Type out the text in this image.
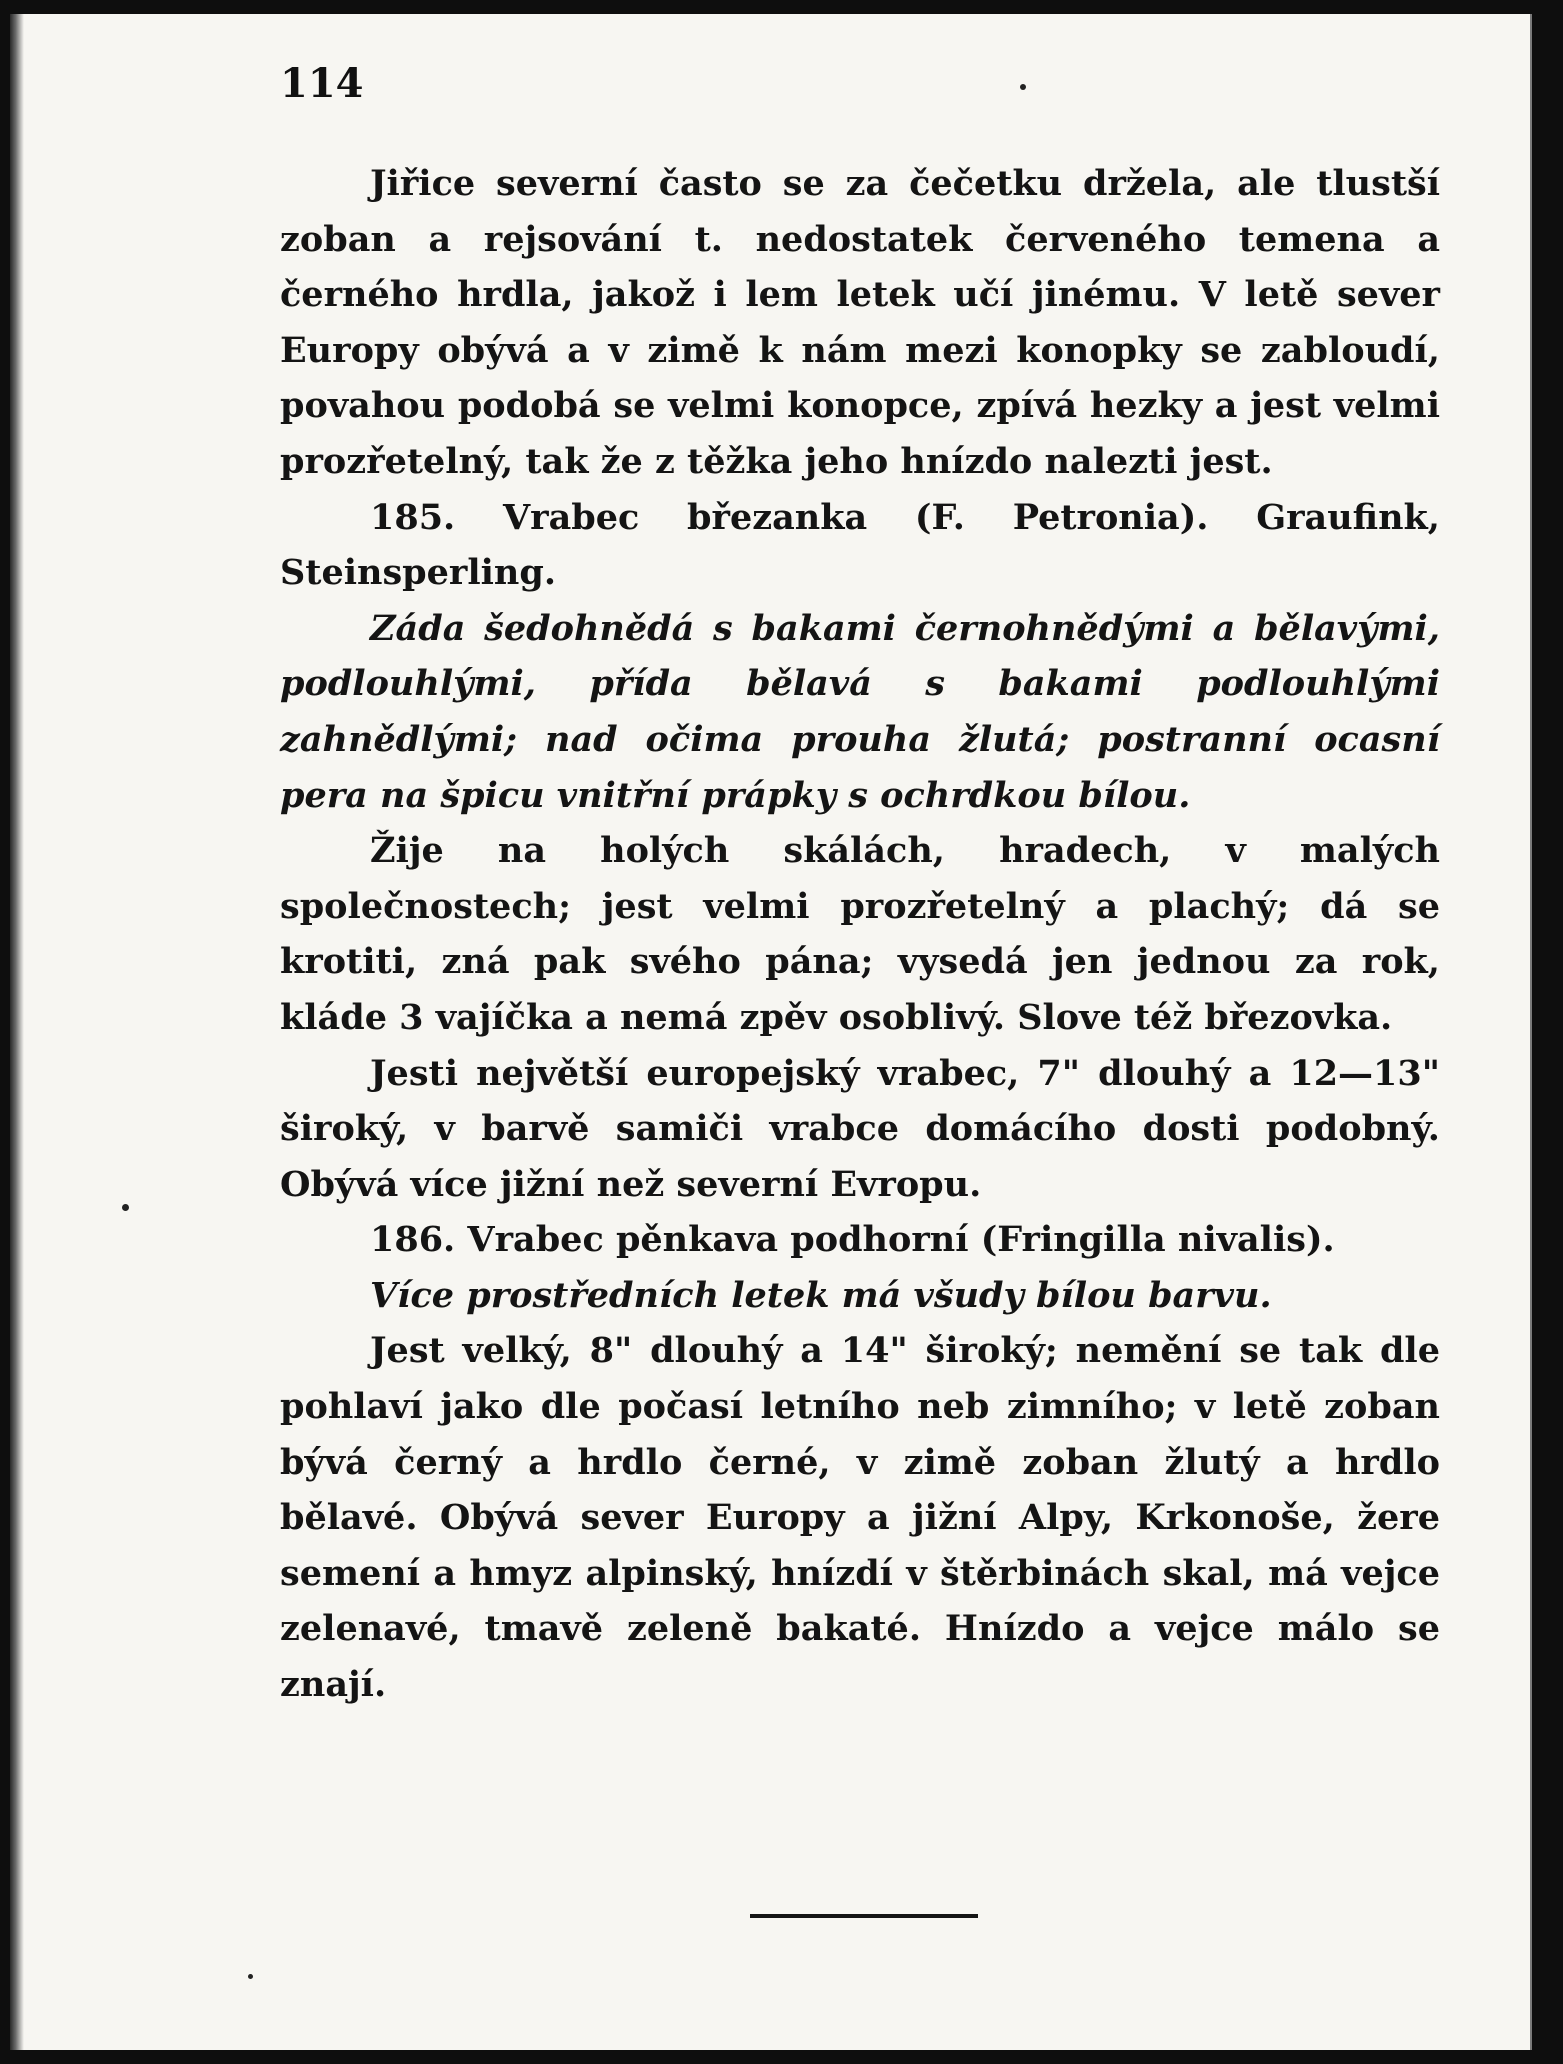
114

Jiřice severní často se za čečetku držela, ale tlustší zoban a rejsování t. nedostatek červeného temena a černého hrdla, jakož i lem letek učí jinému. V letě sever Europy obývá a v zimě k nám mezi konopky se zabloudí, povahou podobá se velmi konopce, zpívá hezky a jest velmi prozřetelný, tak že z těžka jeho hnízdo nalezti jest.

185. Vrabec březanka (F. Petronia). Graufink, Steinsperling.

Záda šedohnědá s bakami černohnědými a bělavými, podlouhlými, přída bělavá s bakami podlouhlými zahnědlými; nad očima prouha žlutá; postranní ocasní pera na špicu vnitřní prápky s ochrdkou bílou.

Žije na holých skálách, hradech, v malých společnostech; jest velmi prozřetelný a plachý; dá se krotiti, zná pak svého pána; vysedá jen jednou za rok, kláde 3 vajíčka a nemá zpěv osoblivý. Slove též březovka.

Jesti největší europejský vrabec, 7" dlouhý a 12—13" široký, v barvě samiči vrabce domácího dosti podobný. Obývá více jižní než severní Evropu.

186. Vrabec pěnkava podhorní (Fringilla nivalis).

Více prostředních letek má všudy bílou barvu.

Jest velký, 8" dlouhý a 14" široký; nemění se tak dle pohlaví jako dle počasí letního neb zimního; v letě zoban bývá černý a hrdlo černé, v zimě zoban žlutý a hrdlo bělavé. Obývá sever Europy a jižní Alpy, Krkonoše, žere semení a hmyz alpinský, hnízdí v štěrbinách skal, má vejce zelenavé, tmavě zeleně bakaté. Hnízdo a vejce málo se znají.
